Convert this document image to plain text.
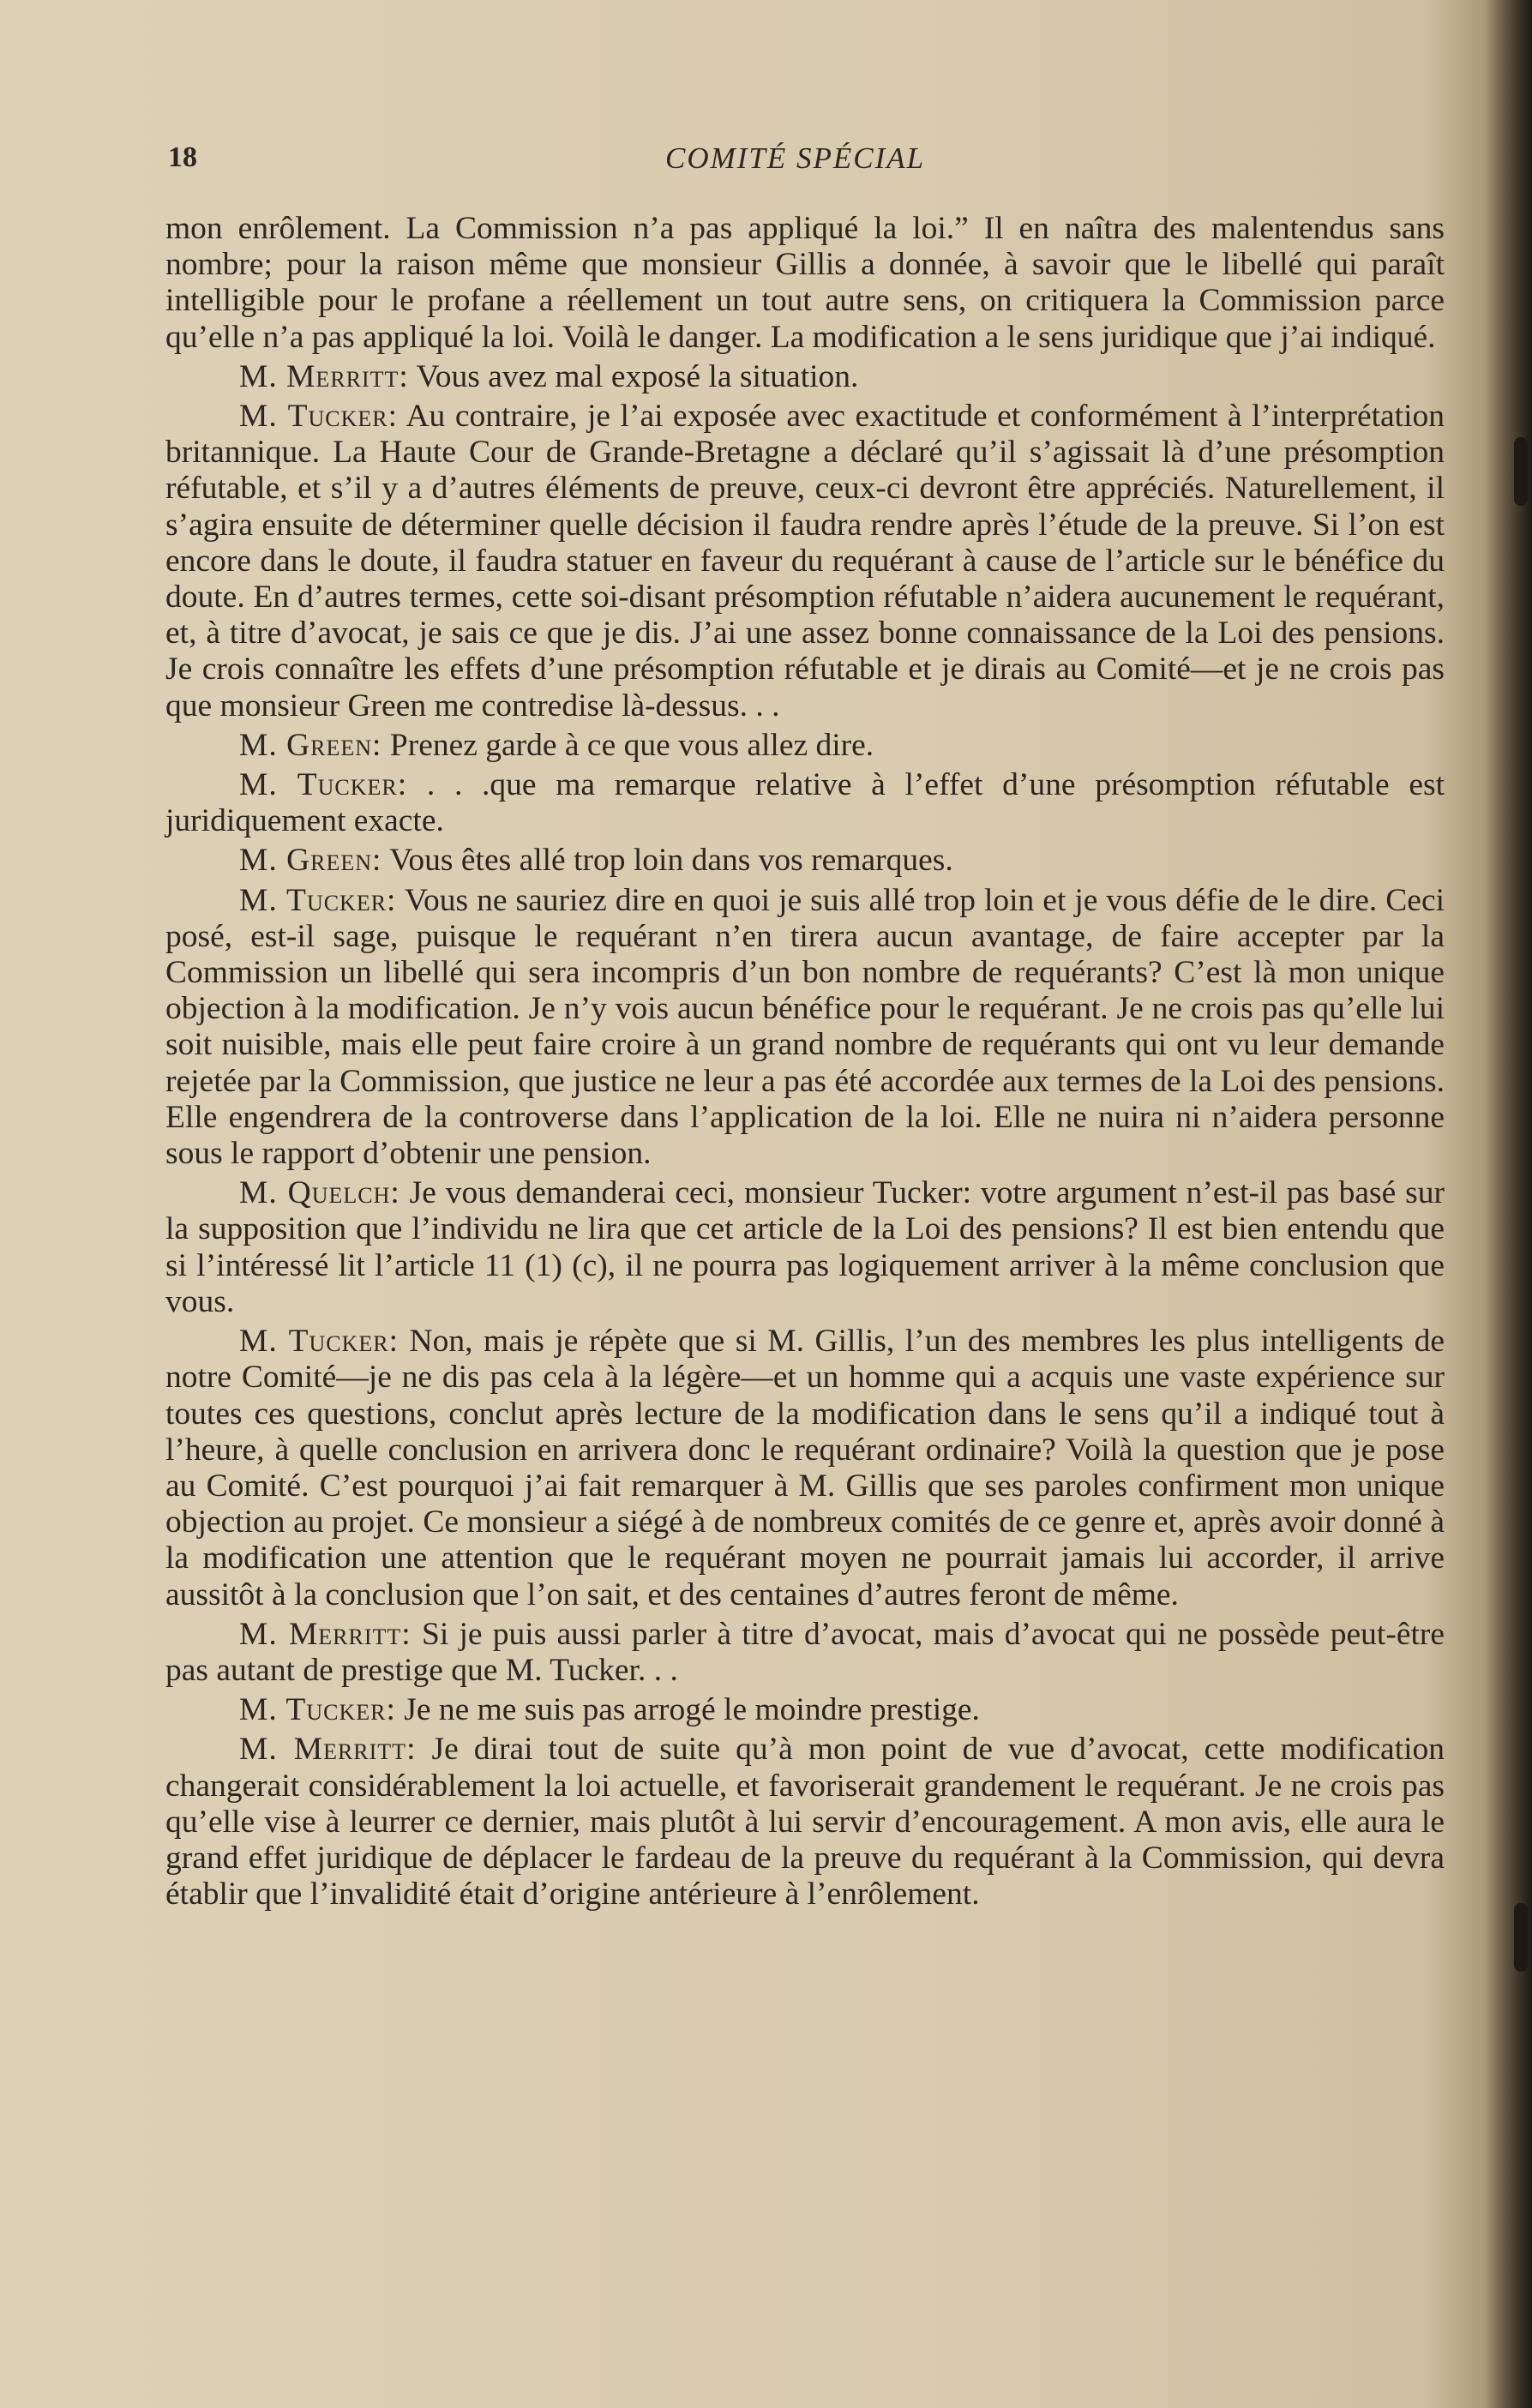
18	COMITÉ SPÉCIAL

mon enrôlement. La Commission n’a pas appliqué la loi.” Il en naîtra des malentendus sans nombre; pour la raison même que monsieur Gillis a donnée, à savoir que le libellé qui paraît intelligible pour le profane a réellement un tout autre sens, on critiquera la Commission parce qu’elle n’a pas appliqué la loi. Voilà le danger. La modification a le sens juridique que j’ai indiqué.

M. Merritt: Vous avez mal exposé la situation.

M. Tucker: Au contraire, je l’ai exposée avec exactitude et conformément à l’interprétation britannique. La Haute Cour de Grande-Bretagne a déclaré qu’il s’agissait là d’une présomption réfutable, et s’il y a d’autres éléments de preuve, ceux-ci devront être appréciés. Naturellement, il s’agira ensuite de déterminer quelle décision il faudra rendre après l’étude de la preuve. Si l’on est encore dans le doute, il faudra statuer en faveur du requérant à cause de l’article sur le bénéfice du doute. En d’autres termes, cette soi-disant présomption réfutable n’aidera aucunement le requérant, et, à titre d’avocat, je sais ce que je dis. J’ai une assez bonne connaissance de la Loi des pensions. Je crois connaître les effets d’une présomption réfutable et je dirais au Comité—et je ne crois pas que monsieur Green me contredise là-dessus. . .

M. Green: Prenez garde à ce que vous allez dire.

M. Tucker: . . .que ma remarque relative à l’effet d’une présomption réfutable est juridiquement exacte.

M. Green: Vous êtes allé trop loin dans vos remarques.

M. Tucker: Vous ne sauriez dire en quoi je suis allé trop loin et je vous défie de le dire. Ceci posé, est-il sage, puisque le requérant n’en tirera aucun avantage, de faire accepter par la Commission un libellé qui sera incompris d’un bon nombre de requérants? C’est là mon unique objection à la modification. Je n’y vois aucun bénéfice pour le requérant. Je ne crois pas qu’elle lui soit nuisible, mais elle peut faire croire à un grand nombre de requérants qui ont vu leur demande rejetée par la Commission, que justice ne leur a pas été accordée aux termes de la Loi des pensions. Elle engendrera de la controverse dans l’application de la loi. Elle ne nuira ni n’aidera personne sous le rapport d’obtenir une pension.

M. Quelch: Je vous demanderai ceci, monsieur Tucker: votre argument n’est-il pas basé sur la supposition que l’individu ne lira que cet article de la Loi des pensions? Il est bien entendu que si l’intéressé lit l’article 11 (1) (c), il ne pourra pas logiquement arriver à la même conclusion que vous.

M. Tucker: Non, mais je répète que si M. Gillis, l’un des membres les plus intelligents de notre Comité—je ne dis pas cela à la légère—et un homme qui a acquis une vaste expérience sur toutes ces questions, conclut après lecture de la modification dans le sens qu’il a indiqué tout à l’heure, à quelle conclusion en arrivera donc le requérant ordinaire? Voilà la question que je pose au Comité. C’est pourquoi j’ai fait remarquer à M. Gillis que ses paroles confirment mon unique objection au projet. Ce monsieur a siégé à de nombreux comités de ce genre et, après avoir donné à la modification une attention que le requérant moyen ne pourrait jamais lui accorder, il arrive aussitôt à la conclusion que l’on sait, et des centaines d’autres feront de même.

M. Merritt: Si je puis aussi parler à titre d’avocat, mais d’avocat qui ne possède peut-être pas autant de prestige que M. Tucker. . .

M. Tucker: Je ne me suis pas arrogé le moindre prestige.

M. Merritt: Je dirai tout de suite qu’à mon point de vue d’avocat, cette modification changerait considérablement la loi actuelle, et favoriserait grandement le requérant. Je ne crois pas qu’elle vise à leurrer ce dernier, mais plutôt à lui servir d’encouragement. A mon avis, elle aura le grand effet juridique de déplacer le fardeau de la preuve du requérant à la Commission, qui devra établir que l’invalidité était d’origine antérieure à l’enrôlement.
